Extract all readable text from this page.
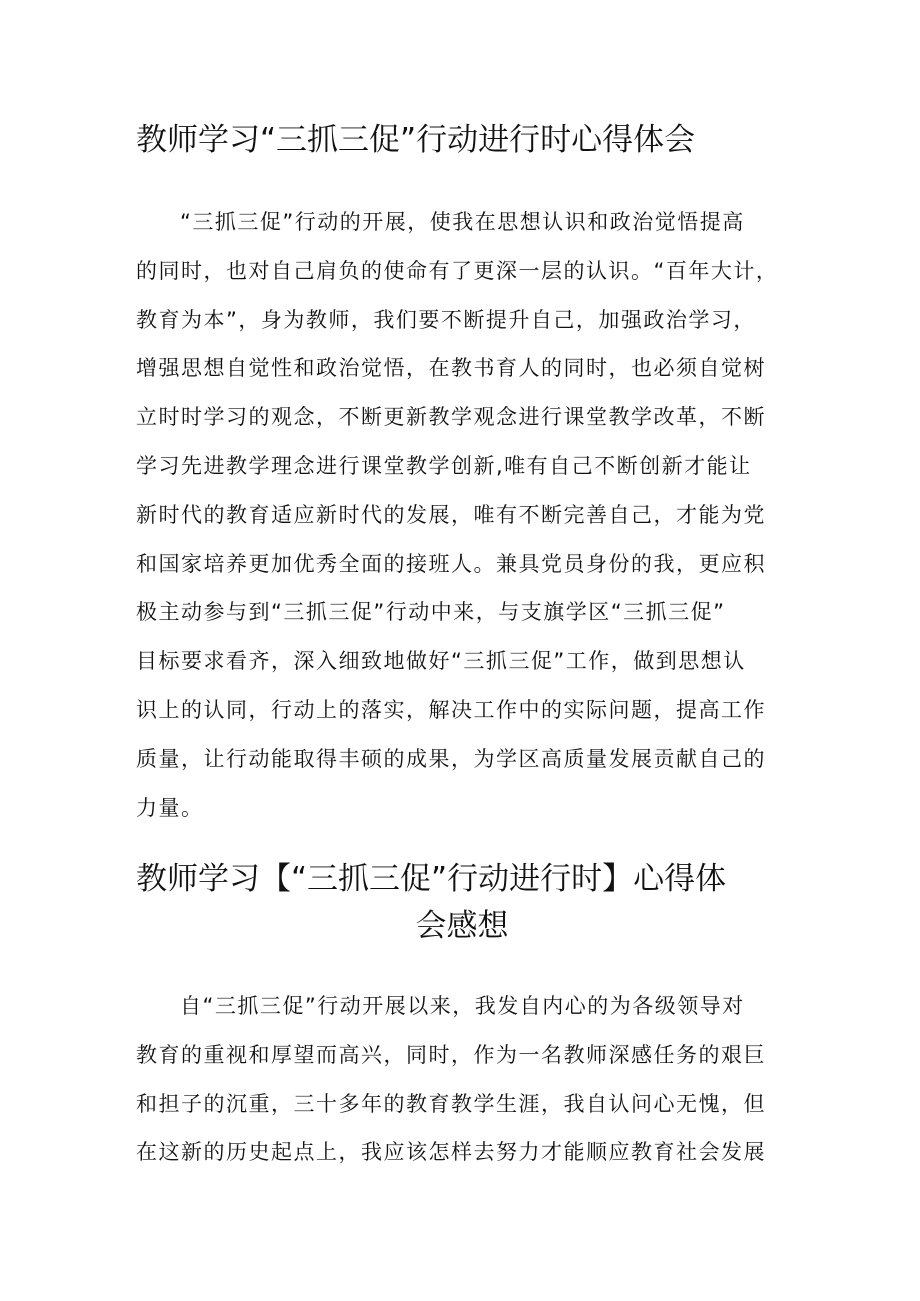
教师学习“三抓三促”行动进行时心得体会
“三抓三促”行动的开展，使我在思想认识和政治觉悟提高
的同时，也对自己肩负的使命有了更深一层的认识。“百年大计，
教育为本”，身为教师，我们要不断提升自己，加强政治学习，
增强思想自觉性和政治觉悟，在教书育人的同时，也必须自觉树
立时时学习的观念，不断更新教学观念进行课堂教学改革，不断
学习先进教学理念进行课堂教学创新,唯有自己不断创新才能让
新时代的教育适应新时代的发展，唯有不断完善自己，才能为党
和国家培养更加优秀全面的接班人。兼具党员身份的我，更应积
极主动参与到“三抓三促”行动中来，与支旗学区“三抓三促”
目标要求看齐，深入细致地做好“三抓三促”工作，做到思想认
识上的认同，行动上的落实，解决工作中的实际问题，提高工作
质量，让行动能取得丰硕的成果，为学区高质量发展贡献自己的
力量。
教师学习【“三抓三促”行动进行时】心得体
会感想
自“三抓三促”行动开展以来，我发自内心的为各级领导对
教育的重视和厚望而高兴，同时，作为一名教师深感任务的艰巨
和担子的沉重，三十多年的教育教学生涯，我自认问心无愧，但
在这新的历史起点上，我应该怎样去努力才能顺应教育社会发展
